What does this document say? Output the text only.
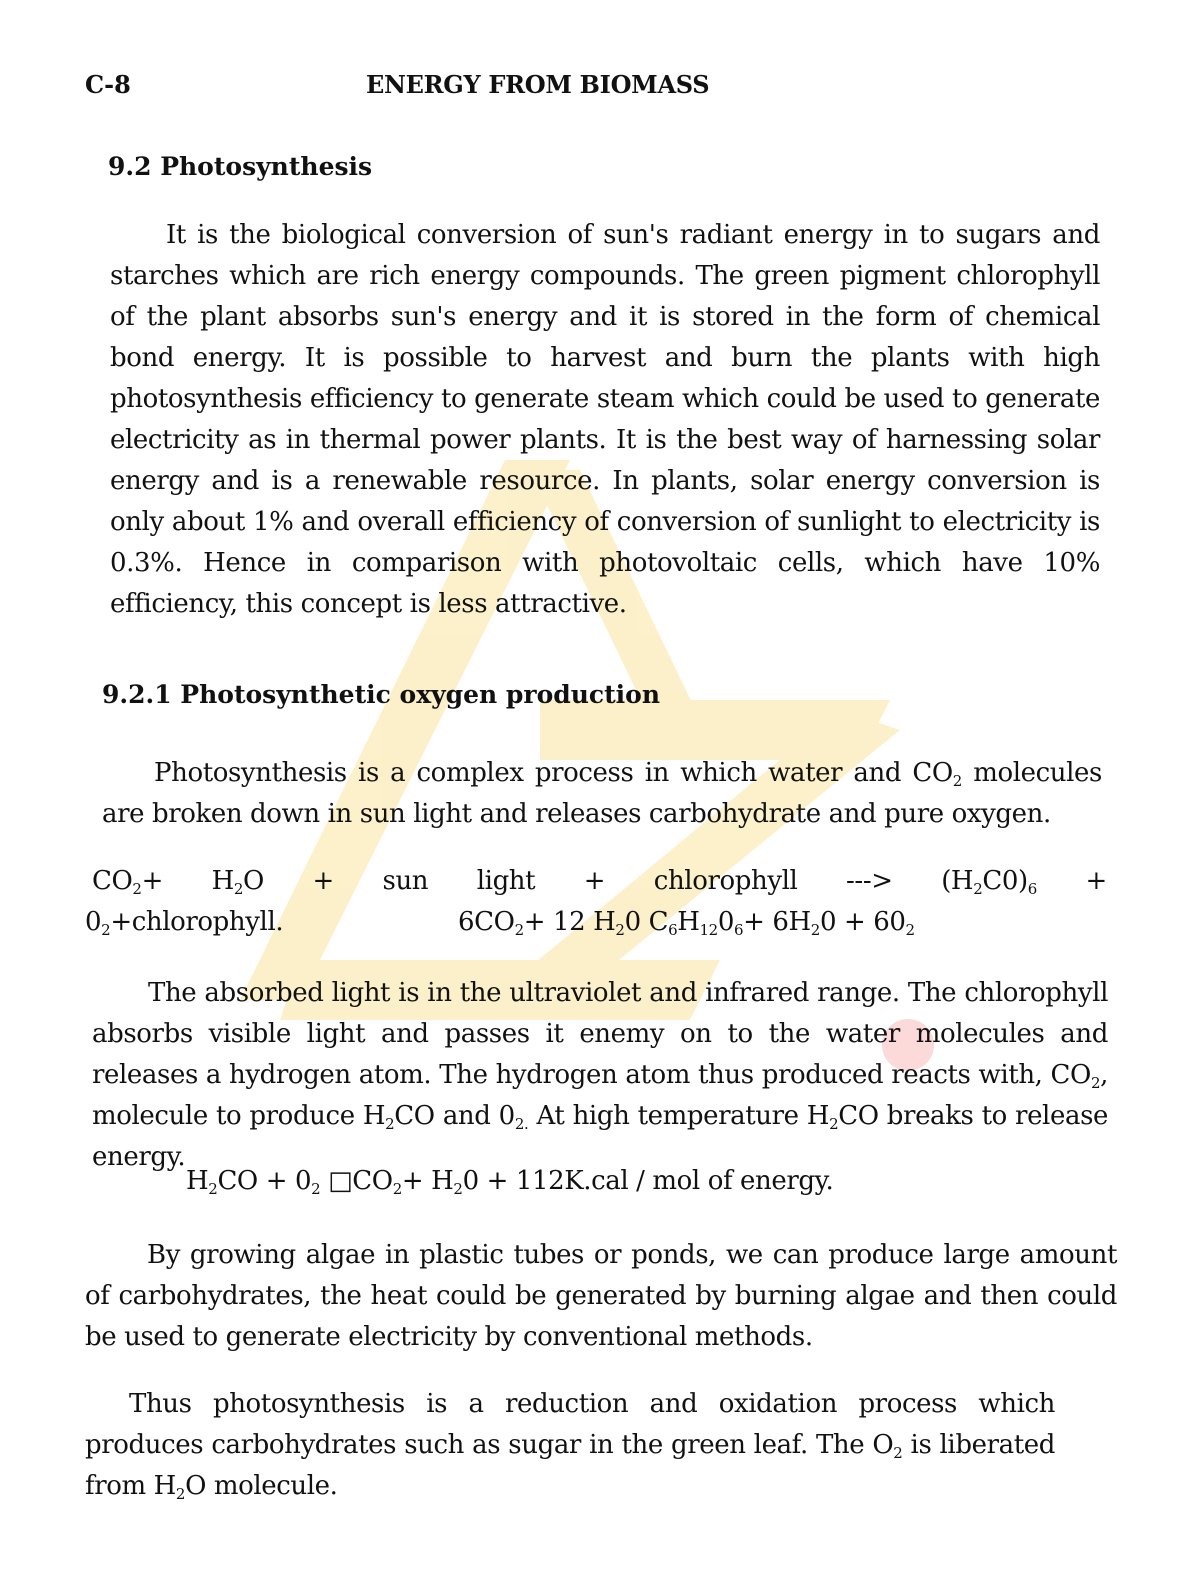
C-8	ENERGY FROM BIOMASS
9.2 Photosynthesis
It is the biological conversion of sun's radiant energy in to sugars and starches which are rich energy compounds. The green pigment chlorophyll of the plant absorbs sun's energy and it is stored in the form of chemical bond energy. It is possible to harvest and burn the plants with high photosynthesis efficiency to generate steam which could be used to generate electricity as in thermal power plants. It is the best way of harnessing solar energy and is a renewable resource. In plants, solar energy conversion is only about 1% and overall efficiency of conversion of sunlight to electricity is 0.3%. Hence in comparison with photovoltaic cells, which have 10% efficiency, this concept is less attractive.
9.2.1 Photosynthetic oxygen production
Photosynthesis is a complex process in which water and $CO_2$ molecules are broken down in sun light and releases carbohydrate and pure oxygen.
$CO_2+ H_2O$ + sun light + chlorophyll ---> $(H_2C0)_6$ +
$0_2+chlorophyll$.	$6CO_2+ 12$ $H_20$ $C_6H_{12}0_6+ 6H_20 + 60_2$
The absorbed light is in the ultraviolet and infrared range. The chlorophyll absorbs visible light and passes it enemy on to the water molecules and releases a hydrogen atom. The hydrogen atom thus produced reacts with, $CO_2$, molecule to produce $H_2CO$ and $0_{2.}$ At high temperature $H_2CO$ breaks to release energy.
$H_2CO + 0_2$ $□CO_2+ H_20 + 112K.cal$ / mol of energy.
By growing algae in plastic tubes or ponds, we can produce large amount of carbohydrates, the heat could be generated by burning algae and then could be used to generate electricity by conventional methods.
Thus photosynthesis is a reduction and oxidation process which produces carbohydrates such as sugar in the green leaf. The $O_2$ is liberated from $H_2O$ molecule.
